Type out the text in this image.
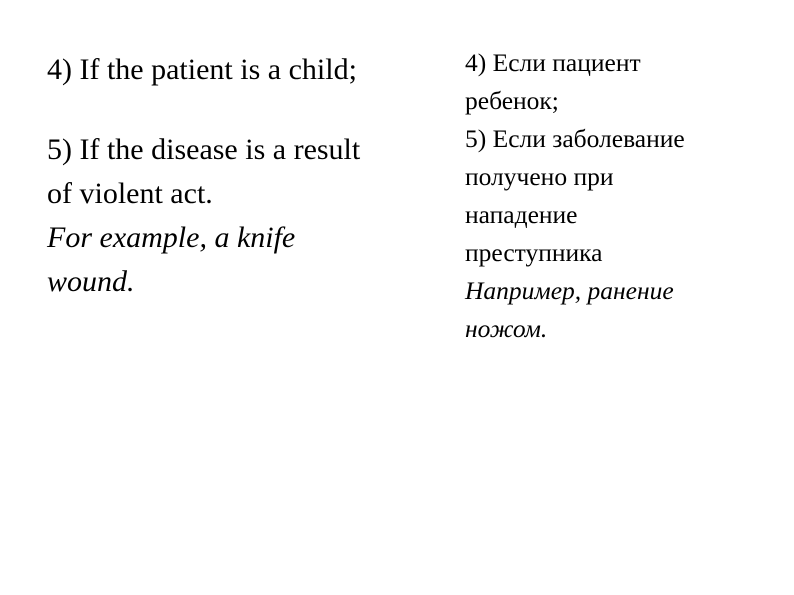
4) If the patient is a child;

5) If the disease is a result
of violent act.

For example, a knife
wound.

4) Если пациент
ребенок;

5) Если заболевание
получено при
нападение
преступника

Например, ранение
ножом.
